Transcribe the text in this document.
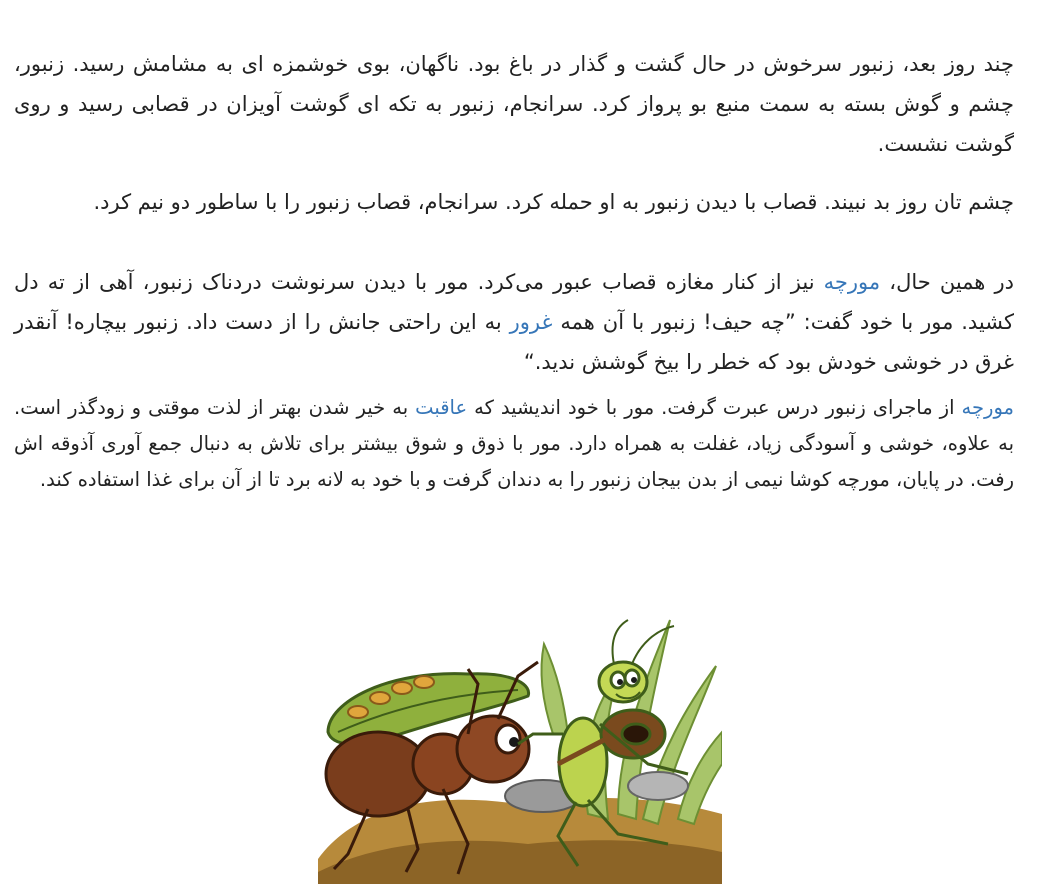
چند روز بعد، زنبور سرخوش در حال گشت و گذار در باغ بود. ناگهان، بوی خوشمزه ای به مشامش رسید. زنبور، چشم و گوش بسته به سمت منبع بو پرواز کرد. سرانجام، زنبور به تکه ای گوشت آویزان در قصابی رسید و روی گوشت نشست.

چشم تان روز بد نبیند. قصاب با دیدن زنبور به او حمله کرد. سرانجام، قصاب زنبور را با ساطور دو نیم کرد.

در همین حال، مورچه نیز از کنار مغازه قصاب عبور می‌کرد. مور با دیدن سرنوشت دردناک زنبور، آهی از ته دل کشید. مور با خود گفت: ”چه حیف! زنبور با آن همه غرور به این راحتی جانش را از دست داد. زنبور بیچاره! آنقدر غرق در خوشی خودش بود که خطر را بیخ گوشش ندید.“

مورچه از ماجرای زنبور درس عبرت گرفت. مور با خود اندیشید که عاقبت به خیر شدن بهتر از لذت موقتی و زودگذر است. به علاوه، خوشی و آسودگی زیاد، غفلت به همراه دارد. مور با ذوق و شوق بیشتر برای تلاش به دنبال جمع آوری آذوقه اش رفت. در پایان، مورچه کوشا نیمی از بدن بیجان زنبور را به دندان گرفت و با خود به لانه برد تا از آن برای غذا استفاده کند.
